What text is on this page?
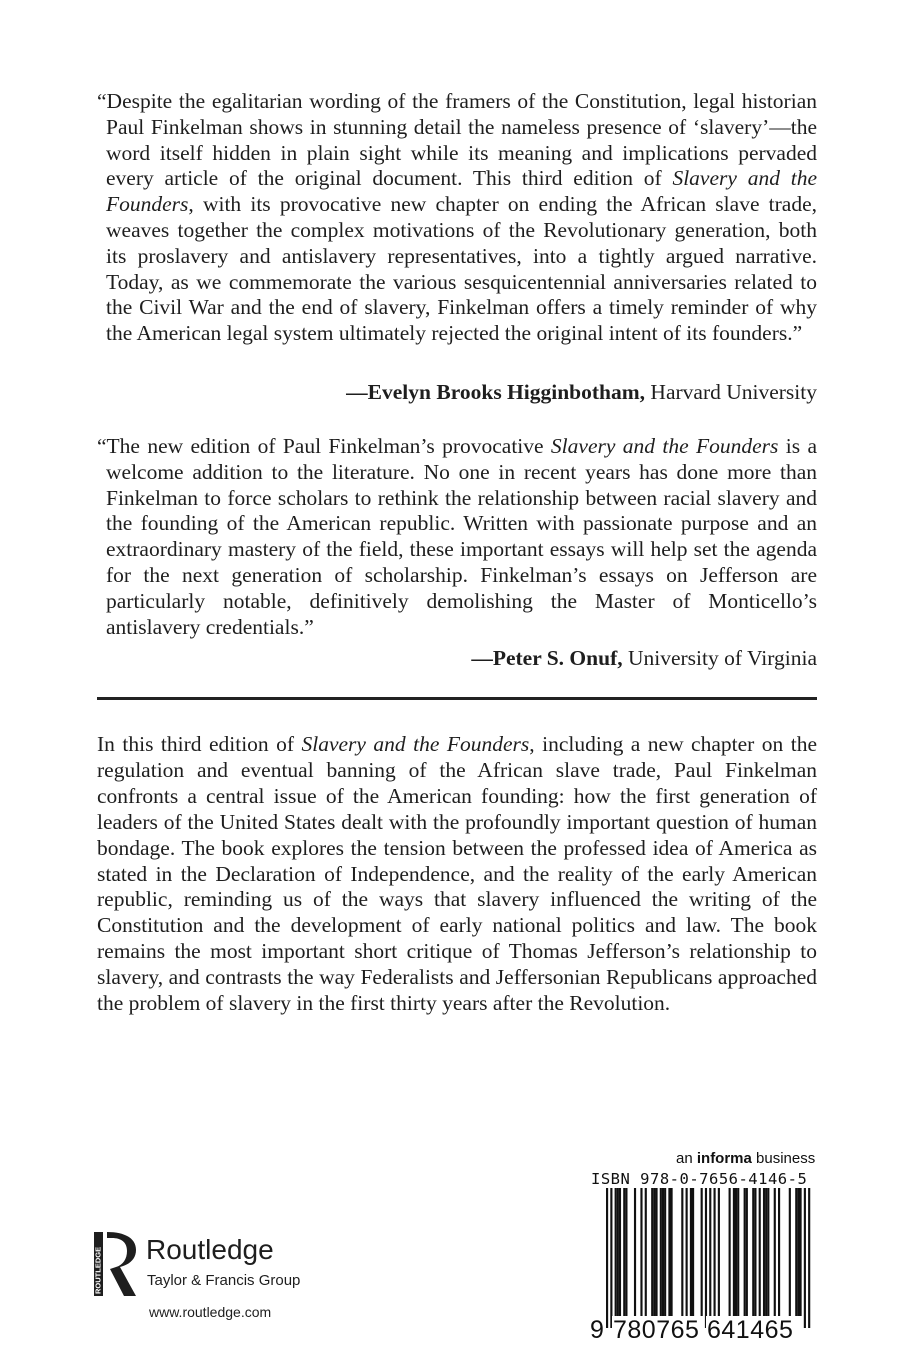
“Despite the egalitarian wording of the framers of the Constitution, legal historian Paul Finkelman shows in stunning detail the nameless presence of ‘slavery’—the word itself hidden in plain sight while its meaning and implications pervaded every article of the original document. This third edition of Slavery and the Founders, with its provocative new chapter on ending the African slave trade, weaves together the complex motivations of the Revolutionary generation, both its proslavery and antislavery representatives, into a tightly argued narrative. Today, as we commemorate the various sesquicentennial anniversaries related to the Civil War and the end of slavery, Finkelman offers a timely reminder of why the American legal system ultimately rejected the original intent of its founders.”

—Evelyn Brooks Higginbotham, Harvard University

“The new edition of Paul Finkelman’s provocative Slavery and the Founders is a welcome addition to the literature. No one in recent years has done more than Finkelman to force scholars to rethink the relationship between racial slavery and the founding of the American republic. Written with passionate purpose and an extraordinary mastery of the field, these important essays will help set the agenda for the next generation of scholarship. Finkelman’s essays on Jefferson are particularly notable, definitively demolishing the Master of Monticello’s antislavery credentials.”

—Peter S. Onuf, University of Virginia

In this third edition of Slavery and the Founders, including a new chapter on the regulation and eventual banning of the African slave trade, Paul Finkelman confronts a central issue of the American founding: how the first generation of leaders of the United States dealt with the profoundly important question of human bondage. The book explores the tension between the professed idea of America as stated in the Declaration of Independence, and the reality of the early American republic, reminding us of the ways that slavery influenced the writing of the Constitution and the development of early national politics and law. The book remains the most important short critique of Thomas Jefferson’s relationship to slavery, and contrasts the way Federalists and Jeffersonian Republicans approached the problem of slavery in the first thirty years after the Revolution.

an informa business
ISBN 978-0-7656-4146-5
9 780765 641465
ROUTLEDGE Routledge
Taylor & Francis Group
www.routledge.com
